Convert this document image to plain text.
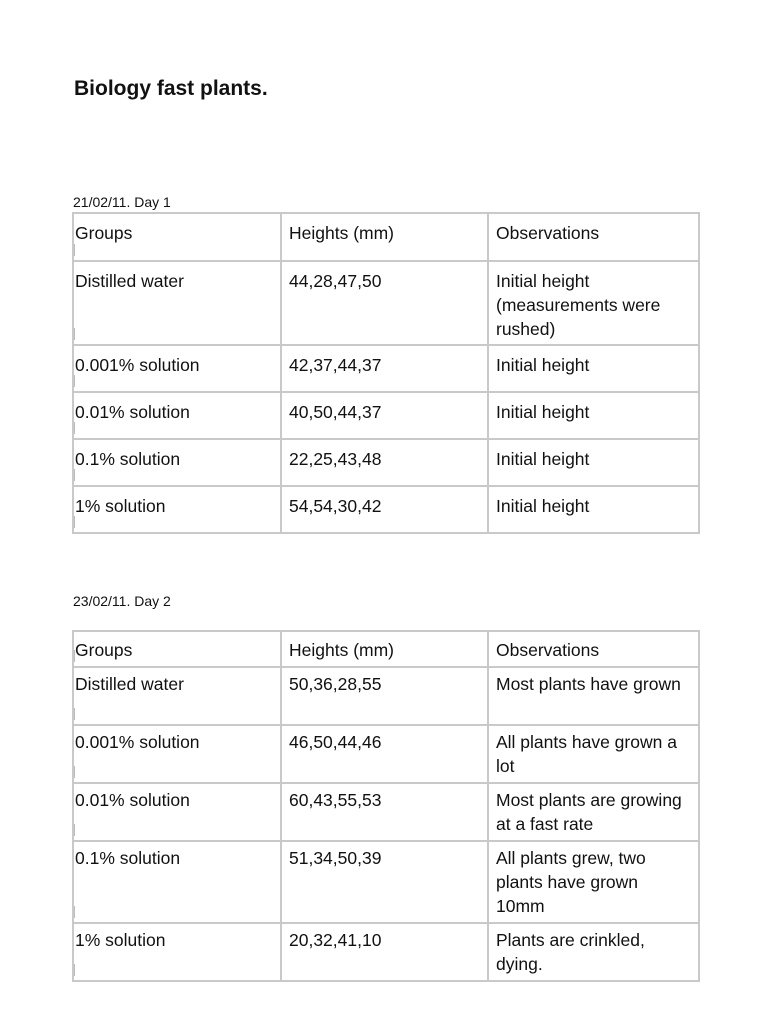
Biology fast plants.
21/02/11. Day 1
Groups	Heights (mm)	Observations

Distilled water	44,28,47,50	Initial height (measurements were rushed)

0.001% solution	42,37,44,37	Initial height

0.01% solution	40,50,44,37	Initial height

0.1% solution	22,25,43,48	Initial height

1% solution	54,54,30,42	Initial height
23/02/11. Day 2
Groups	Heights (mm)	Observations

Distilled water	50,36,28,55	Most plants have grown

0.001% solution	46,50,44,46	All plants have grown a lot

0.01% solution	60,43,55,53	Most plants are growing at a fast rate

0.1% solution	51,34,50,39	All plants grew, two plants have grown 10mm

1% solution	20,32,41,10	Plants are crinkled, dying.
